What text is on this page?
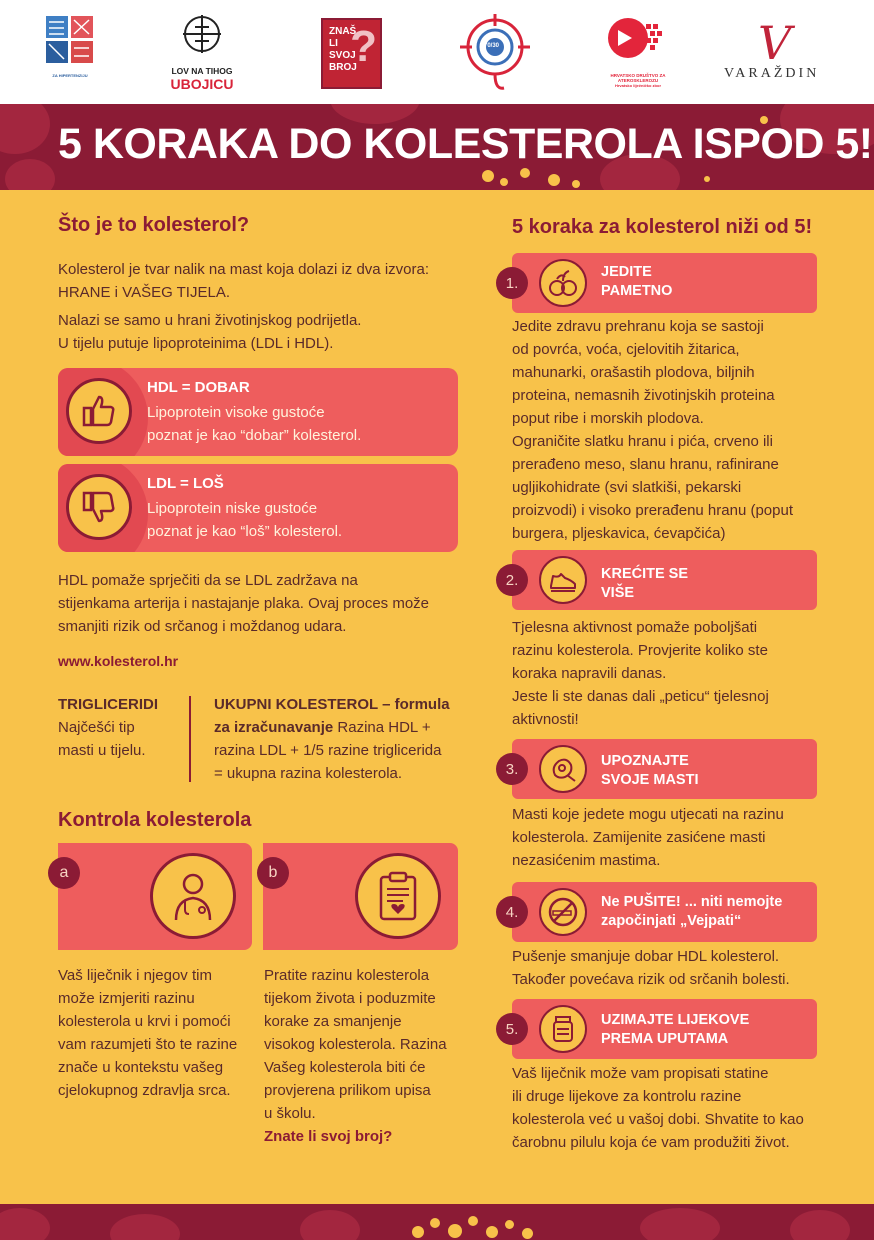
ZA HIPERTENZIJU	LOV NA TIHOG
UBOJICU
ZNAŠ
LI
SVOJ
BROJ
?	70/30
HRVATSKO DRUŠTVO ZA ATEROSKLEROZU
Hrvatsko liječničko zbor
V
VARAŽDIN
5 KORAKA DO KOLESTEROLA ISPOD 5!
Što je to kolesterol?
Kolesterol je tvar nalik na mast koja dolazi iz dva izvora:
HRANE i VAŠEG TIJELA.
Nalazi se samo u hrani životinjskog podrijetla.
U tijelu putuje lipoproteinima (LDL i HDL).
HDL = DOBAR
Lipoprotein visoke gustoće
poznat je kao “dobar” kolesterol.
LDL = LOŠ
Lipoprotein niske gustoće
poznat je kao “loš” kolesterol.
HDL pomaže sprječiti da se LDL zadržava na
stijenkama arterija i nastajanje plaka. Ovaj proces može
smanjiti rizik od srčanog i moždanog udara.
www.kolesterol.hr
TRIGLICERIDI
Najčešći tip
masti u tijelu.
UKUPNI KOLESTEROL – formula
za izračunavanje Razina HDL +
razina LDL + 1/5 razine triglicerida
= ukupna razina kolesterola.
Kontrola kolesterola
a	b
Vaš liječnik i njegov tim
može izmjeriti razinu
kolesterola u krvi i pomoći
vam razumjeti što te razine
znače u kontekstu vašeg
cjelokupnog zdravlja srca.
Pratite razinu kolesterola
tijekom života i poduzmite
korake za smanjenje
visokog kolesterola. Razina
Vašeg kolesterola biti će
provjerena prilikom upisa
u školu.
Znate li svoj broj?
5 koraka za kolesterol niži od 5!
1.
JEDITE
PAMETNO
Jedite zdravu prehranu koja se sastoji
od povrća, voća, cjelovitih žitarica,
mahunarki, orašastih plodova, biljnih
proteina, nemasnih životinjskih proteina
poput ribe i morskih plodova.
Ograničite slatku hranu i pića, crveno ili
prerađeno meso, slanu hranu, rafinirane
ugljikohidrate (svi slatkiši, pekarski
proizvodi) i visoko prerađenu hranu (poput
burgera, pljeskavica, ćevapčića)
2.	KREĆITE SE
VIŠE
Tjelesna aktivnost pomaže poboljšati
razinu kolesterola. Provjerite koliko ste
koraka napravili danas.
Jeste li ste danas dali „peticu“ tjelesnoj
aktivnosti!
3.	UPOZNAJTE
SVOJE MASTI
Masti koje jedete mogu utjecati na razinu
kolesterola. Zamijenite zasićene masti
nezasićenim mastima.
4.
Ne PUŠITE! ... niti nemojte
započinjati „Vejpati“
Pušenje smanjuje dobar HDL kolesterol.
Također povećava rizik od srčanih bolesti.
5.
UZIMAJTE LIJEKOVE
PREMA UPUTAMA
Vaš liječnik može vam propisati statine
ili druge lijekove za kontrolu razine
kolesterola već u vašoj dobi. Shvatite to kao
čarobnu pilulu koja će vam produžiti život.
